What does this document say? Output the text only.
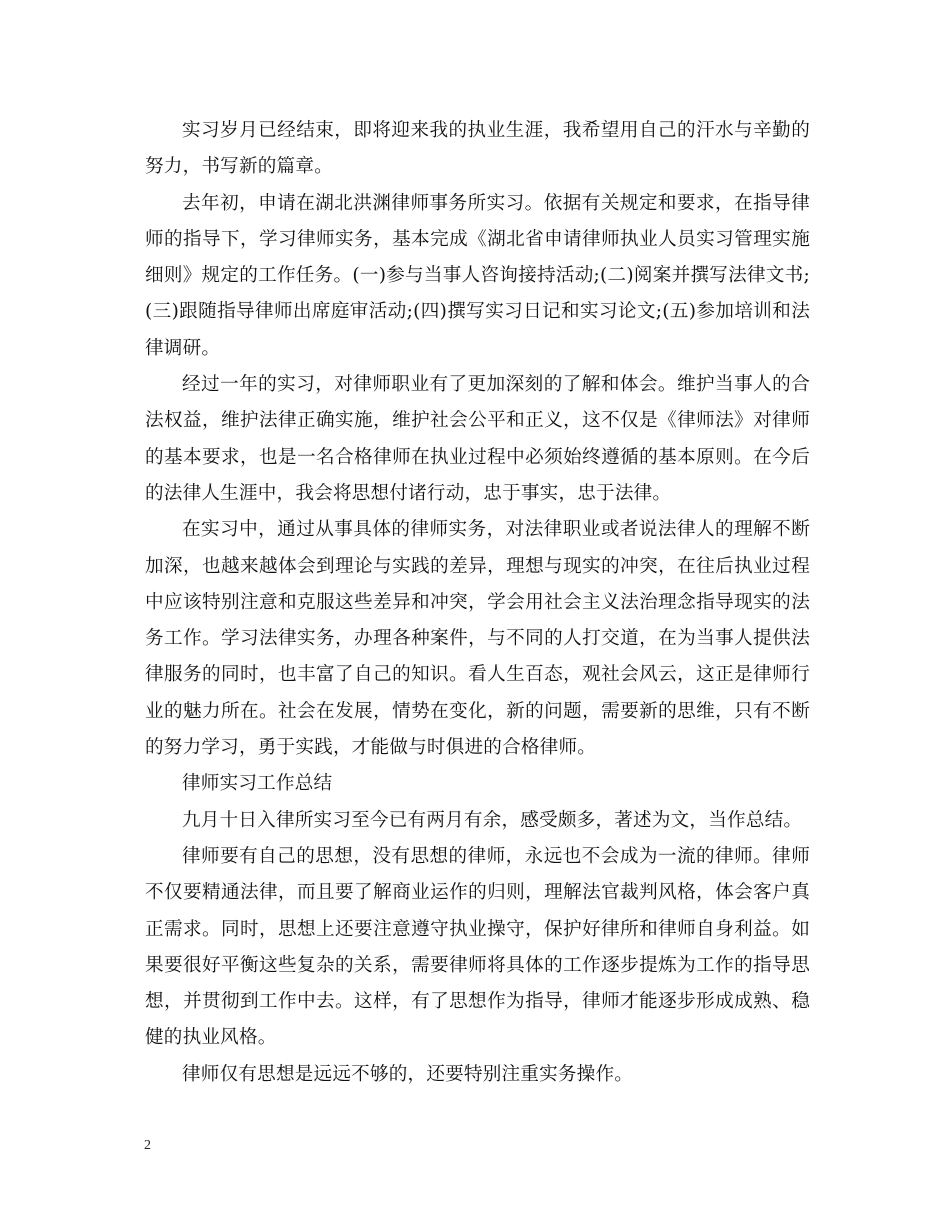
实习岁月已经结束，即将迎来我的执业生涯，我希望用自己的汗水与辛勤的努力，书写新的篇章。

去年初，申请在湖北洪渊律师事务所实习。依据有关规定和要求，在指导律师的指导下，学习律师实务，基本完成《湖北省申请律师执业人员实习管理实施细则》规定的工作任务。(一)参与当事人咨询接持活动;(二)阅案并撰写法律文书;(三)跟随指导律师出席庭审活动;(四)撰写实习日记和实习论文;(五)参加培训和法律调研。

经过一年的实习，对律师职业有了更加深刻的了解和体会。维护当事人的合法权益，维护法律正确实施，维护社会公平和正义，这不仅是《律师法》对律师的基本要求，也是一名合格律师在执业过程中必须始终遵循的基本原则。在今后的法律人生涯中，我会将思想付诸行动，忠于事实，忠于法律。

在实习中，通过从事具体的律师实务，对法律职业或者说法律人的理解不断加深，也越来越体会到理论与实践的差异，理想与现实的冲突，在往后执业过程中应该特别注意和克服这些差异和冲突，学会用社会主义法治理念指导现实的法务工作。学习法律实务，办理各种案件，与不同的人打交道，在为当事人提供法律服务的同时，也丰富了自己的知识。看人生百态，观社会风云，这正是律师行业的魅力所在。社会在发展，情势在变化，新的问题，需要新的思维，只有不断的努力学习，勇于实践，才能做与时俱进的合格律师。

律师实习工作总结

九月十日入律所实习至今已有两月有余，感受颇多，著述为文，当作总结。

律师要有自己的思想，没有思想的律师，永远也不会成为一流的律师。律师不仅要精通法律，而且要了解商业运作的归则，理解法官裁判风格，体会客户真正需求。同时，思想上还要注意遵守执业操守，保护好律所和律师自身利益。如果要很好平衡这些复杂的关系，需要律师将具体的工作逐步提炼为工作的指导思想，并贯彻到工作中去。这样，有了思想作为指导，律师才能逐步形成成熟、稳健的执业风格。

律师仅有思想是远远不够的，还要特别注重实务操作。

2
